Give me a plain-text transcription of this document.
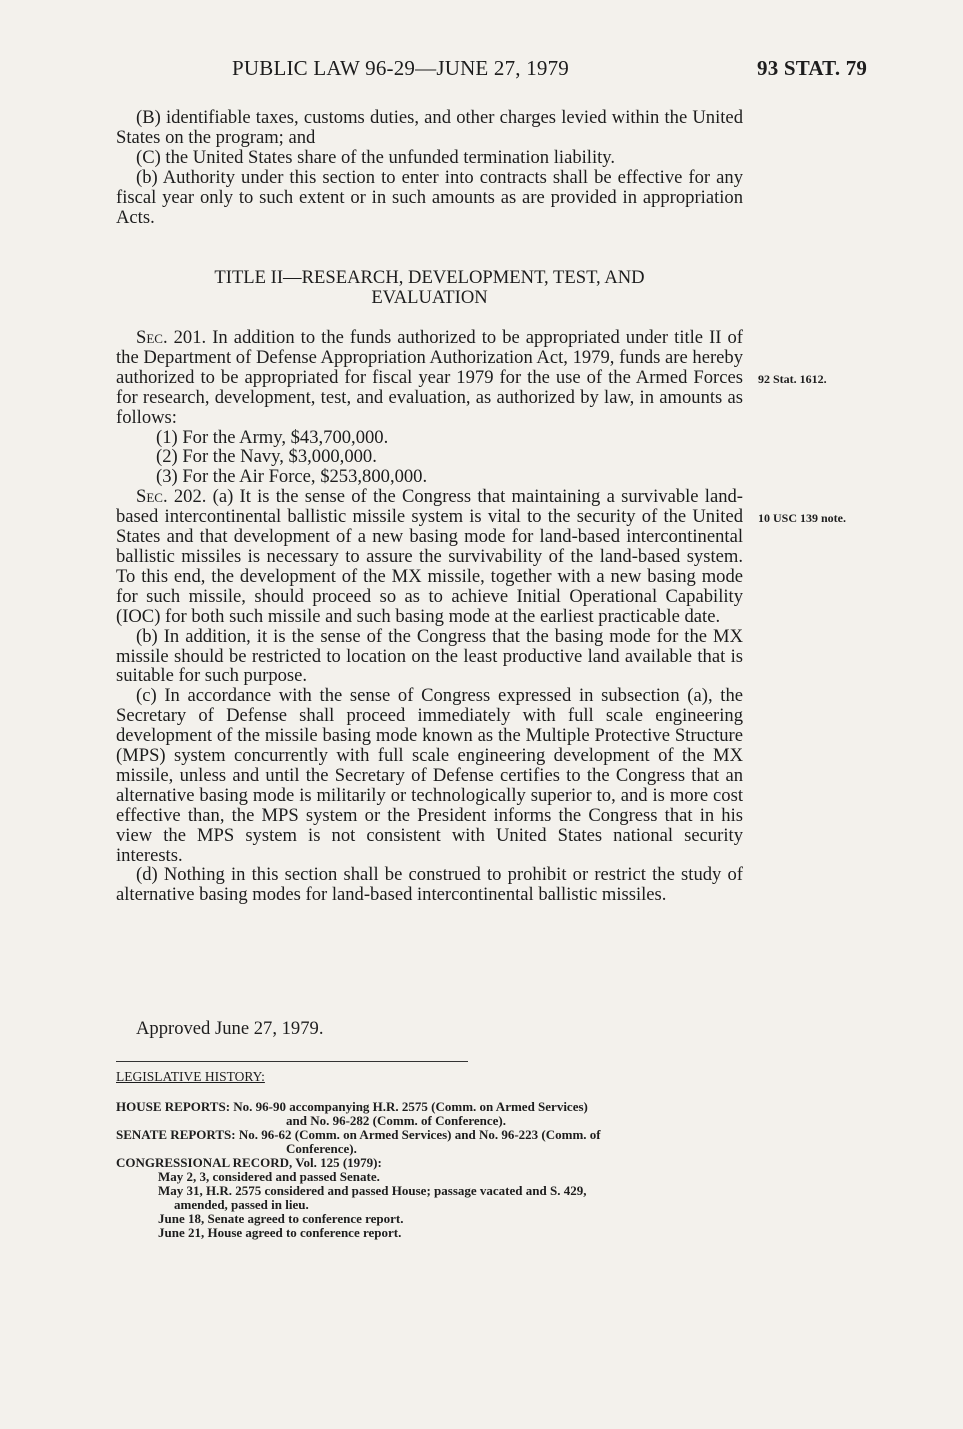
PUBLIC LAW 96-29—JUNE 27, 1979	93 STAT. 79

(B) identifiable taxes, customs duties, and other charges levied within the United States on the program; and

(C) the United States share of the unfunded termination liability.

(b) Authority under this section to enter into contracts shall be effective for any fiscal year only to such extent or in such amounts as are provided in appropriation Acts.

TITLE II—RESEARCH, DEVELOPMENT, TEST, AND

EVALUATION

Sec. 201. In addition to the funds authorized to be appropriated under title II of the Department of Defense Appropriation Authorization Act, 1979, funds are hereby authorized to be appropriated for fiscal year 1979 for the use of the Armed Forces for research, development, test, and evaluation, as authorized by law, in amounts as follows:

(1) For the Army, $43,700,000.

(2) For the Navy, $3,000,000.

(3) For the Air Force, $253,800,000.

Sec. 202. (a) It is the sense of the Congress that maintaining a survivable land-based intercontinental ballistic missile system is vital to the security of the United States and that development of a new basing mode for land-based intercontinental ballistic missiles is necessary to assure the survivability of the land-based system. To this end, the development of the MX missile, together with a new basing mode for such missile, should proceed so as to achieve Initial Operational Capability (IOC) for both such missile and such basing mode at the earliest practicable date.

(b) In addition, it is the sense of the Congress that the basing mode for the MX missile should be restricted to location on the least productive land available that is suitable for such purpose.

(c) In accordance with the sense of Congress expressed in subsection (a), the Secretary of Defense shall proceed immediately with full scale engineering development of the missile basing mode known as the Multiple Protective Structure (MPS) system concurrently with full scale engineering development of the MX missile, unless and until the Secretary of Defense certifies to the Congress that an alternative basing mode is militarily or technologically superior to, and is more cost effective than, the MPS system or the President informs the Congress that in his view the MPS system is not consistent with United States national security interests.

(d) Nothing in this section shall be construed to prohibit or restrict the study of alternative basing modes for land-based intercontinental ballistic missiles.

Approved June 27, 1979.

92 Stat. 1612.
10 USC 139 note.
LEGISLATIVE HISTORY:
HOUSE REPORTS: No. 96-90 accompanying H.R. 2575 (Comm. on Armed Services)
and No. 96-282 (Comm. of Conference).
SENATE REPORTS: No. 96-62 (Comm. on Armed Services) and No. 96-223 (Comm. of
Conference).
CONGRESSIONAL RECORD, Vol. 125 (1979):
May 2, 3, considered and passed Senate.
May 31, H.R. 2575 considered and passed House; passage vacated and S. 429,
amended, passed in lieu.
June 18, Senate agreed to conference report.
June 21, House agreed to conference report.
